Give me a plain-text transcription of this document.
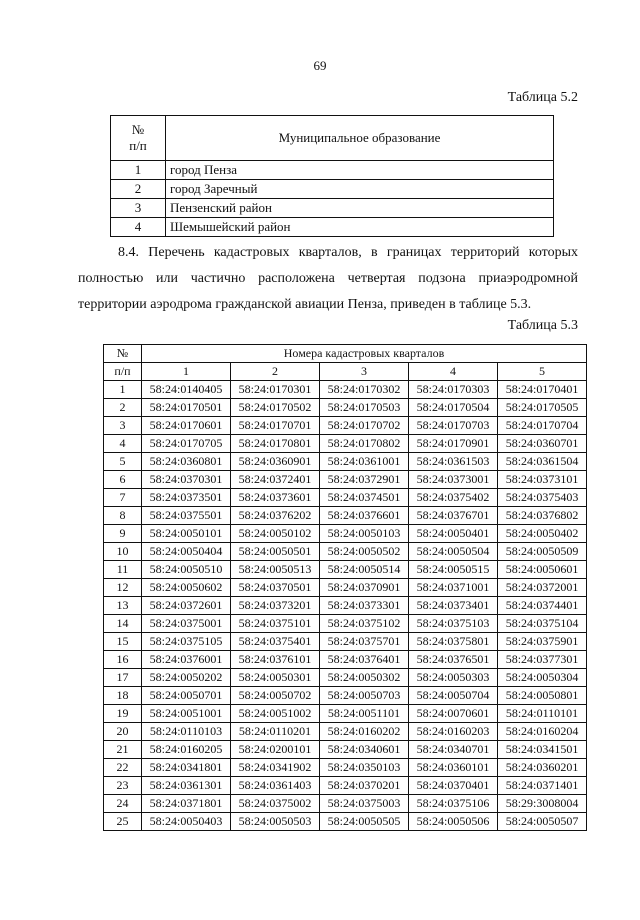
69
Таблица 5.2
№
п/п	Муниципальное образование
1	город Пенза
2	город Заречный
3	Пензенский район
4	Шемышейский район
8.4. Перечень кадастровых кварталов, в границах территорий которых полностью или частично расположена четвертая подзона приаэродромной территории аэродрома гражданской авиации Пенза, приведен в таблице 5.3.
Таблица 5.3
№	Номера кадастровых кварталов				
п/п	1	2	3	4	5
1	58:24:0140405	58:24:0170301	58:24:0170302	58:24:0170303	58:24:0170401
2	58:24:0170501	58:24:0170502	58:24:0170503	58:24:0170504	58:24:0170505
3	58:24:0170601	58:24:0170701	58:24:0170702	58:24:0170703	58:24:0170704
4	58:24:0170705	58:24:0170801	58:24:0170802	58:24:0170901	58:24:0360701
5	58:24:0360801	58:24:0360901	58:24:0361001	58:24:0361503	58:24:0361504
6	58:24:0370301	58:24:0372401	58:24:0372901	58:24:0373001	58:24:0373101
7	58:24:0373501	58:24:0373601	58:24:0374501	58:24:0375402	58:24:0375403
8	58:24:0375501	58:24:0376202	58:24:0376601	58:24:0376701	58:24:0376802
9	58:24:0050101	58:24:0050102	58:24:0050103	58:24:0050401	58:24:0050402
10	58:24:0050404	58:24:0050501	58:24:0050502	58:24:0050504	58:24:0050509
11	58:24:0050510	58:24:0050513	58:24:0050514	58:24:0050515	58:24:0050601
12	58:24:0050602	58:24:0370501	58:24:0370901	58:24:0371001	58:24:0372001
13	58:24:0372601	58:24:0373201	58:24:0373301	58:24:0373401	58:24:0374401
14	58:24:0375001	58:24:0375101	58:24:0375102	58:24:0375103	58:24:0375104
15	58:24:0375105	58:24:0375401	58:24:0375701	58:24:0375801	58:24:0375901
16	58:24:0376001	58:24:0376101	58:24:0376401	58:24:0376501	58:24:0377301
17	58:24:0050202	58:24:0050301	58:24:0050302	58:24:0050303	58:24:0050304
18	58:24:0050701	58:24:0050702	58:24:0050703	58:24:0050704	58:24:0050801
19	58:24:0051001	58:24:0051002	58:24:0051101	58:24:0070601	58:24:0110101
20	58:24:0110103	58:24:0110201	58:24:0160202	58:24:0160203	58:24:0160204
21	58:24:0160205	58:24:0200101	58:24:0340601	58:24:0340701	58:24:0341501
22	58:24:0341801	58:24:0341902	58:24:0350103	58:24:0360101	58:24:0360201
23	58:24:0361301	58:24:0361403	58:24:0370201	58:24:0370401	58:24:0371401
24	58:24:0371801	58:24:0375002	58:24:0375003	58:24:0375106	58:29:3008004
25	58:24:0050403	58:24:0050503	58:24:0050505	58:24:0050506	58:24:0050507
